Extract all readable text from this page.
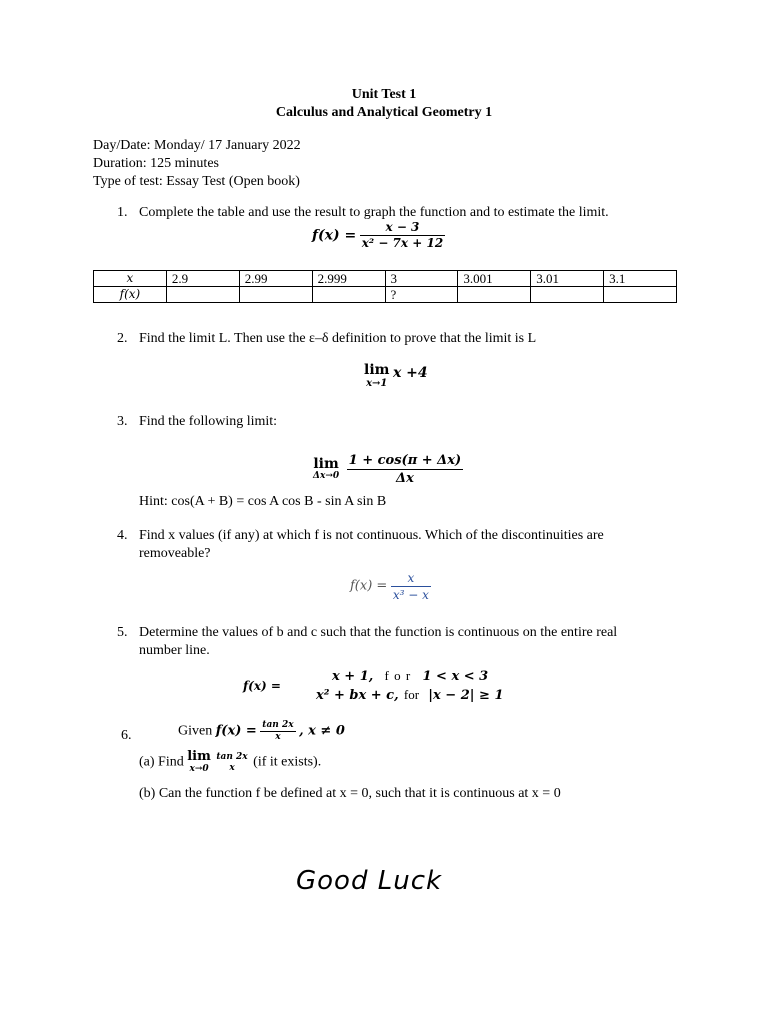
Unit Test 1
Calculus and Analytical Geometry 1
Day/Date: Monday/ 17 January 2022
Duration: 125 minutes
Type of test: Essay Test (Open book)
1. Complete the table and use the result to graph the function and to estimate the limit.
$f(x) = \frac{x - 3}{\text{x² − 7x + 12}}$
x	2.9	2.99	2.999	3	3.001	3.01	3.1
f(x)				?			
2. Find the limit L. Then use the ε–δ definition to prove that the limit is L
lim
x→1
x +4
3. Find the following limit:
lim
Δx→0
$\frac{1 + \cos(\pi + \Delta x)}{\Delta x}$
Hint: cos(A + B) = cos A cos B - sin A sin B
4. Find x values (if any) at which f is not continuous. Which of the discontinuities are
removeable?
$f(x) = \frac{x}{\text{x³ − x}}$
5. Determine the values of b and c such that the function is continuous on the entire real
number line.
f(x) =
x + 1, f o r 1 < x < 3
x² + bx + c, for |x − 2| ≥ 1
6.	Given $f(x) = \frac{\tan 2x}{x}$ , x ≠ 0
(a) Find lim
x→0

tan 2x
x	(if it exists).
(b) Can the function f be defined at x = 0, such that it is continuous at x = 0
Good Luck
